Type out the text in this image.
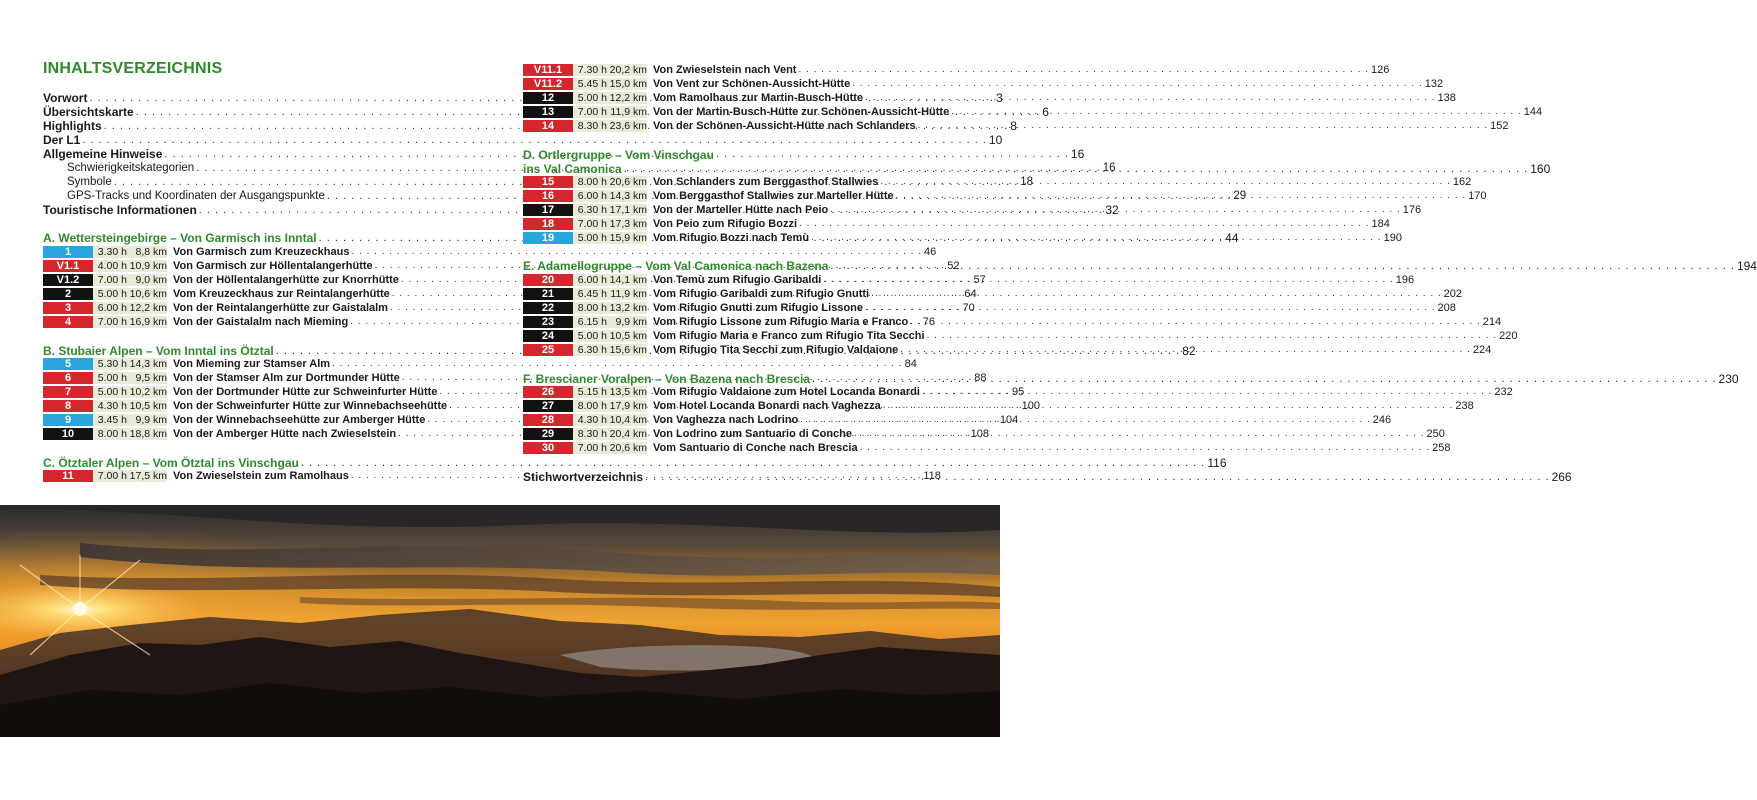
INHALTSVERZEICHNIS
Vorwort . . .	3
Übersichtskarte . . .	6
Highlights . . .	8
Der L1 . . .	10
Allgemeine Hinweise . . .	16
Schwierigkeitskategorien . . .	16
Symbole . . .	18
GPS-Tracks und Koordinaten der Ausgangspunkte . . .	29
Touristische Informationen . . .	32
A. Wettersteingebirge – Von Garmisch ins Inntal . . .	44
1	3.30 h 8,8 km Von Garmisch zum Kreuzeckhaus . . .	46
V1.1	4.00 h 10,9 km Von Garmisch zur Höllentalangerhütte . . .	52
V1.2	7.00 h 9,0 km Von der Höllentalangerhütte zur Knorrhütte . . .	57
2	5.00 h 10,6 km Vom Kreuzeckhaus zur Reintalangerhütte . . .	64
3	6.00 h 12,2 km Von der Reintalangerhütte zur Gaistalalm . . .	70
4	7.00 h 16,9 km Von der Gaistalalm nach Mieming . . .	76
B. Stubaier Alpen – Vom Inntal ins Ötztal . . .	82
5	5.30 h 14,3 km Von Mieming zur Stamser Alm . . .	84
6	5.00 h 9,5 km Von der Stamser Alm zur Dortmunder Hütte . . .	88
7	5.00 h 10,2 km Von der Dortmunder Hütte zur Schweinfurter Hütte . . .	95
8	4.30 h 10,5 km Von der Schweinfurter Hütte zur Winnebachseehütte . . .	100
9	3.45 h 9,9 km Von der Winnebachseehütte zur Amberger Hütte . . .	104
10	8.00 h 18,8 km Von der Amberger Hütte nach Zwieselstein . . .	108
C. Ötztaler Alpen – Vom Ötztal ins Vinschgau . . .	116
11	7.00 h 17,5 km Von Zwieselstein zum Ramolhaus . . .	118
V11.1	7.30 h 20,2 km Von Zwieselstein nach Vent . . .	126
V11.2	5.45 h 15,0 km Von Vent zur Schönen-Aussicht-Hütte . . .	132
12	5.00 h 12,2 km Vom Ramolhaus zur Martin-Busch-Hütte . . .	138
13	7.00 h 11,9 km Von der Martin-Busch-Hütte zur Schönen-Aussicht-Hütte . . .	144
14	8.30 h 23,6 km Von der Schönen-Aussicht-Hütte nach Schlanders . . .	152
D. Ortlergruppe – Vom Vinschgau
ins Val Camonica . . .	160
15	8.00 h 20,6 km Von Schlanders zum Berggasthof Stallwies . . .	162
16	6.00 h 14,3 km Vom Berggasthof Stallwies zur Marteller Hütte . . .	170
17	6.30 h 17,1 km Von der Marteller Hütte nach Peio . . .	176
18	7.00 h 17,3 km Von Peio zum Rifugio Bozzi . . .	184
19	5.00 h 15,9 km Vom Rifugio Bozzi nach Temù . . .	190
E. Adamellogruppe – Vom Val Camonica nach Bazena . . .	194
20	6.00 h 14,1 km Von Temù zum Rifugio Garibaldi . . .	196
21	6.45 h 11,9 km Vom Rifugio Garibaldi zum Rifugio Gnutti . . .	202
22	8.00 h 13,2 km Vom Rifugio Gnutti zum Rifugio Lissone . . .	208
23	6.15 h 9,9 km Vom Rifugio Lissone zum Rifugio Maria e Franco . . .	214
24	5.00 h 10,5 km Vom Rifugio Maria e Franco zum Rifugio Tita Secchi . . .	220
25	6.30 h 15,6 km Vom Rifugio Tita Secchi zum Rifugio Valdaione . . .	224
F. Brescianer Voralpen – Von Bazena nach Brescia . . .	230
26	5.15 h 13,5 km Vom Rifugio Valdaione zum Hotel Locanda Bonardi . . .	232
27	8.00 h 17,9 km Vom Hotel Locanda Bonardi nach Vaghezza . . .	238
28	4.30 h 10,4 km Von Vaghezza nach Lodrino . . .	246
29	8.30 h 20,4 km Von Lodrino zum Santuario di Conche . . .	250
30	7.00 h 20,6 km Vom Santuario di Conche nach Brescia . . .	258
Stichwortverzeichnis . . .	266
